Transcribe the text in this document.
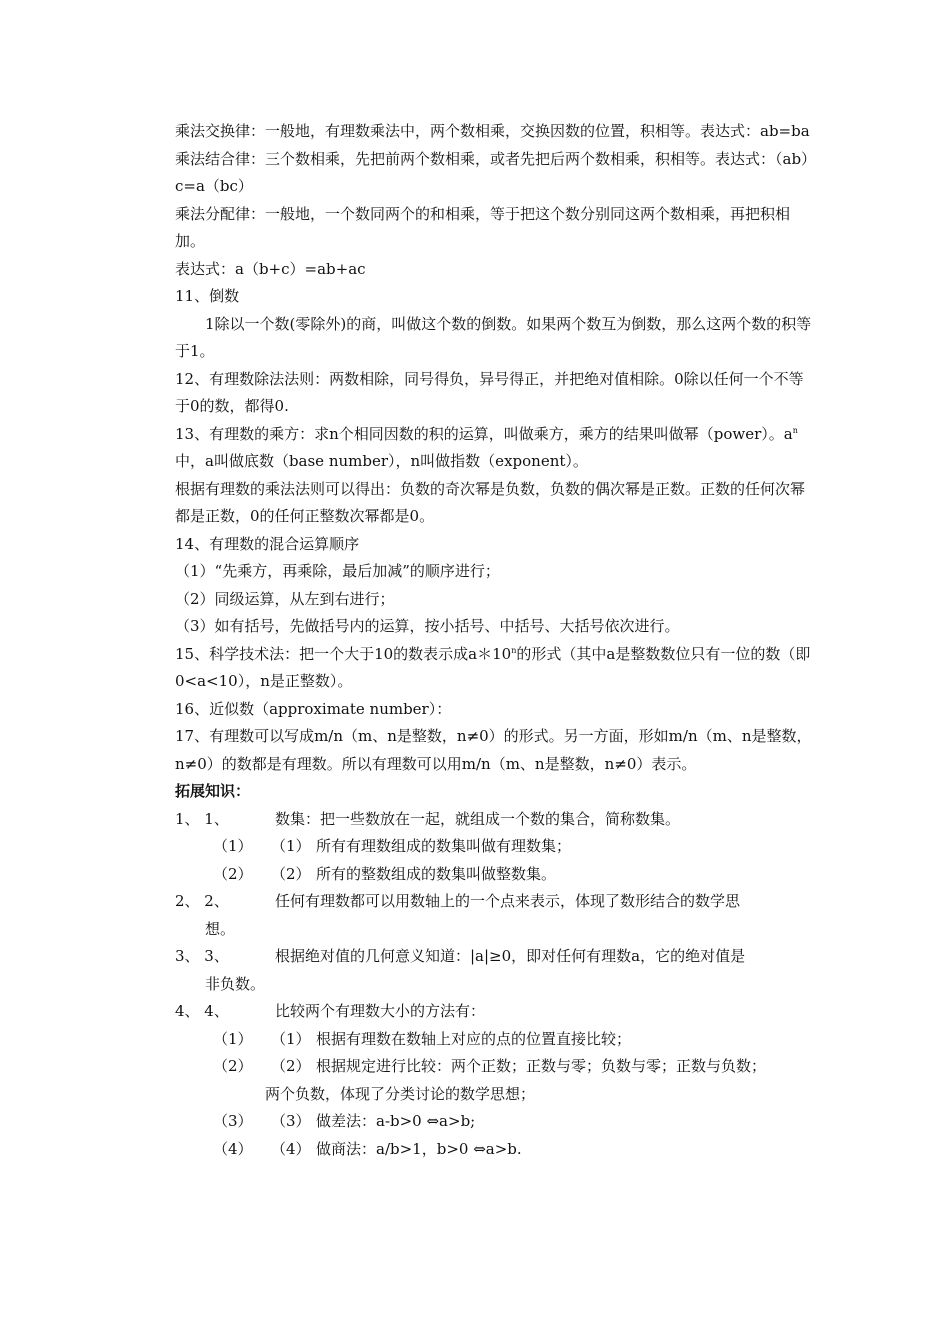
乘法交换律：一般地，有理数乘法中，两个数相乘，交换因数的位置，积相等。表达式：ab=ba

乘法结合律：三个数相乘，先把前两个数相乘，或者先把后两个数相乘，积相等。表达式：（ab）c=a（bc）

乘法分配律：一般地，一个数同两个的和相乘，等于把这个数分别同这两个数相乘，再把积相加。

表达式：a（b+c）=ab+ac

11、倒数

1除以一个数(零除外)的商，叫做这个数的倒数。如果两个数互为倒数，那么这两个数的积等于1。

12、有理数除法法则：两数相除，同号得负，异号得正，并把绝对值相除。0除以任何一个不等于0的数，都得0.

13、有理数的乘方：求n个相同因数的积的运算，叫做乘方，乘方的结果叫做幂（power）。$a^n$中，a叫做底数（base number），n叫做指数（exponent）。

根据有理数的乘法法则可以得出：负数的奇次幂是负数，负数的偶次幂是正数。正数的任何次幂都是正数，0的任何正整数次幂都是0。

14、有理数的混合运算顺序

（1）“先乘方，再乘除，最后加减”的顺序进行；

（2）同级运算，从左到右进行；

（3）如有括号，先做括号内的运算，按小括号、中括号、大括号依次进行。

15、科学技术法：把一个大于10的数表示成a＊10$^n$的形式（其中a是整数数位只有一位的数（即0<a<10），n是正整数）。

16、近似数（approximate number）：

17、有理数可以写成m/n（m、n是整数，n≠0）的形式。另一方面，形如m/n（m、n是整数，n≠0）的数都是有理数。所以有理数可以用m/n（m、n是整数，n≠0）表示。

拓展知识：

1、 1、	数集：把一些数放在一起，就组成一个数的集合，简称数集。
（1）	（1） 所有有理数组成的数集叫做有理数集；
（2）	（2） 所有的整数组成的数集叫做整数集。
2、 2、	任何有理数都可以用数轴上的一个点来表示，体现了数形结合的数学思

想。

3、 3、	根据绝对值的几何意义知道：|a|≥0，即对任何有理数a，它的绝对值是

非负数。

4、 4、	比较两个有理数大小的方法有：
（1）	（1） 根据有理数在数轴上对应的点的位置直接比较；
（2）	（2） 根据规定进行比较：两个正数；正数与零；负数与零；正数与负数；

两个负数，体现了分类讨论的数学思想；

（3）	（3） 做差法：a-b>0 ⇔a>b;
（4）	（4） 做商法：a/b>1，b>0 ⇔a>b.
